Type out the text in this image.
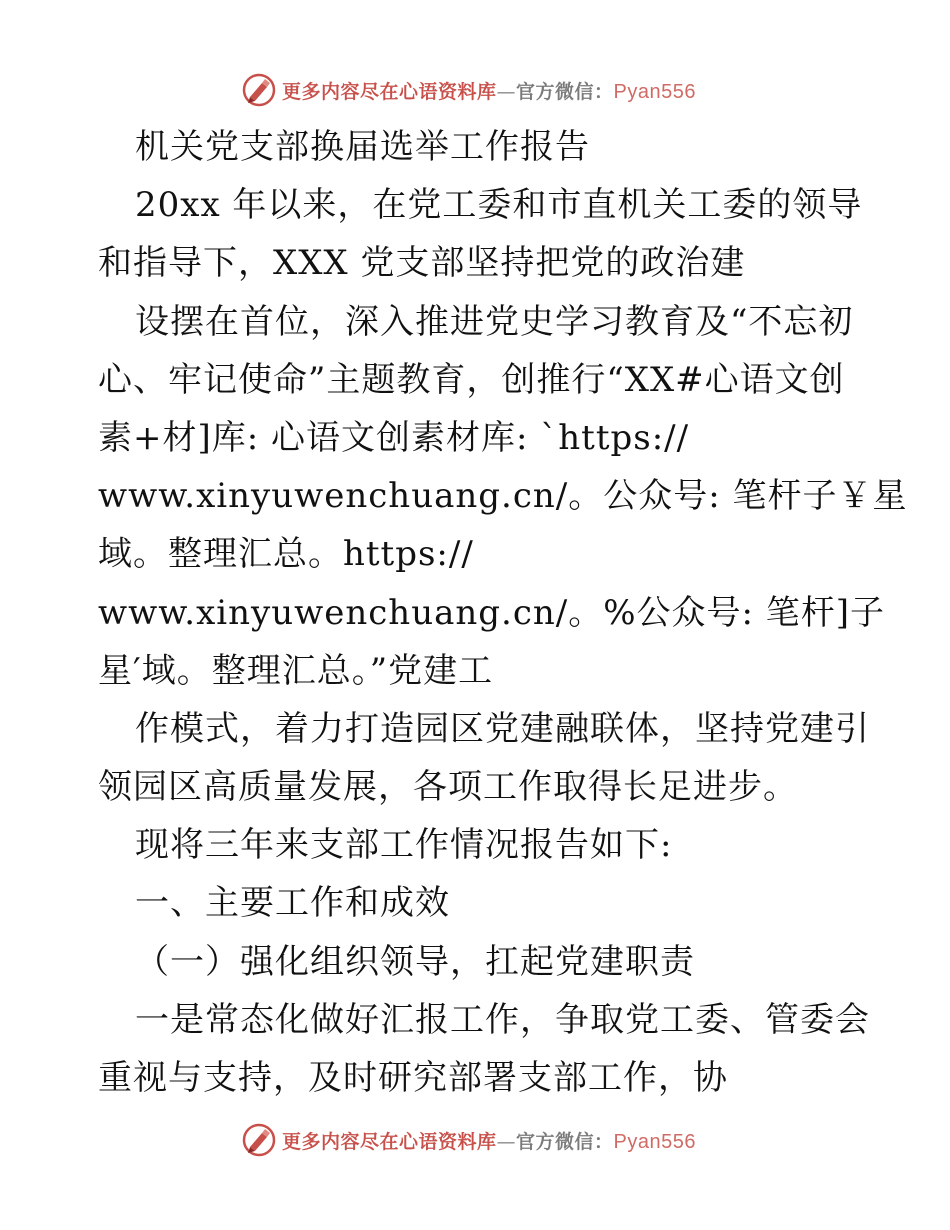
更多内容尽在心语资料库—官方微信：Pyan556
机关党支部换届选举工作报告
20xx 年以来，在党工委和市直机关工委的领导
和指导下，XXX 党支部坚持把党的政治建
设摆在首位，深入推进党史学习教育及“不忘初
心、牢记使命”主题教育，创推行“XX#心语文创
素+材]库: 心语文创素材库: `https://
www.xinyuwenchuang.cn/。公众号: 笔杆子￥星
域。整理汇总。https://
www.xinyuwenchuang.cn/。%公众号: 笔杆]子
星′域。整理汇总。”党建工
作模式，着力打造园区党建融联体，坚持党建引
领园区高质量发展，各项工作取得长足进步。
现将三年来支部工作情况报告如下:
一、主要工作和成效
（一）强化组织领导，扛起党建职责
一是常态化做好汇报工作，争取党工委、管委会
重视与支持，及时研究部署支部工作，协
更多内容尽在心语资料库—官方微信：Pyan556
